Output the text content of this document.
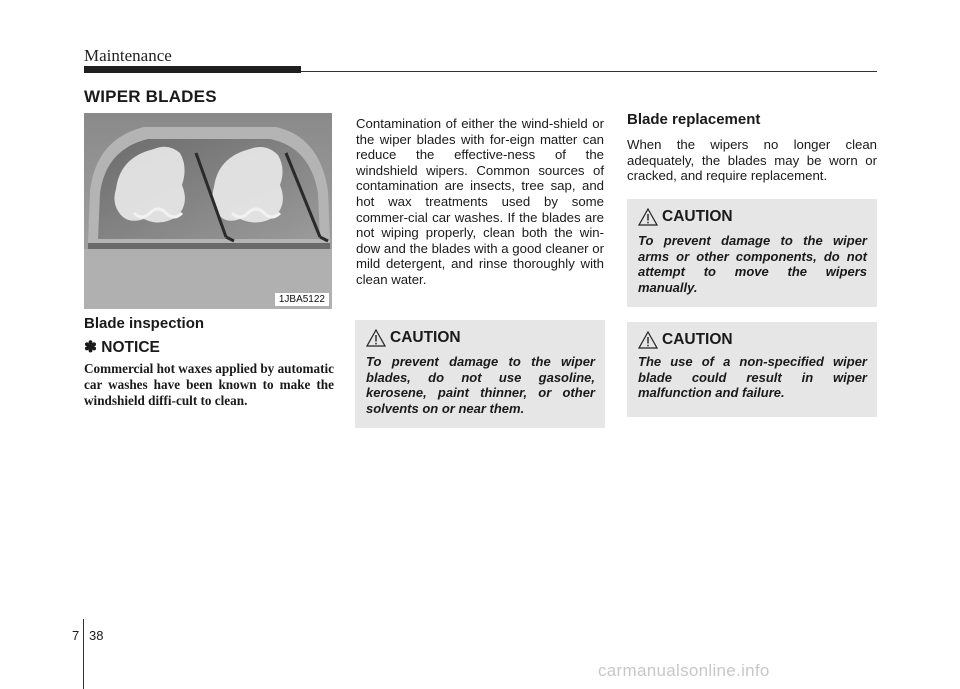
Maintenance
WIPER BLADES
1JBA5122
Blade inspection
✽ NOTICE
Commercial hot waxes applied by automatic car washes have been known to make the windshield diffi-cult to clean.
Contamination of either the wind-shield or the wiper blades with for-eign matter can reduce the effective-ness of the windshield wipers. Common sources of contamination are insects, tree sap, and hot wax treatments used by some commer-cial car washes. If the blades are not wiping properly, clean both the win-dow and the blades with a good cleaner or mild detergent, and rinse thoroughly with clean water.
CAUTION
To prevent damage to the wiper blades, do not use gasoline, kerosene, paint thinner, or other solvents on or near them.
Blade replacement
When the wipers no longer clean adequately, the blades may be worn or cracked, and require replacement.
CAUTION
To prevent damage to the wiper arms or other components, do not attempt to move the wipers manually.
CAUTION
The use of a non-specified wiper blade could result in wiper malfunction and failure.
7 38
carmanualsonline.info
